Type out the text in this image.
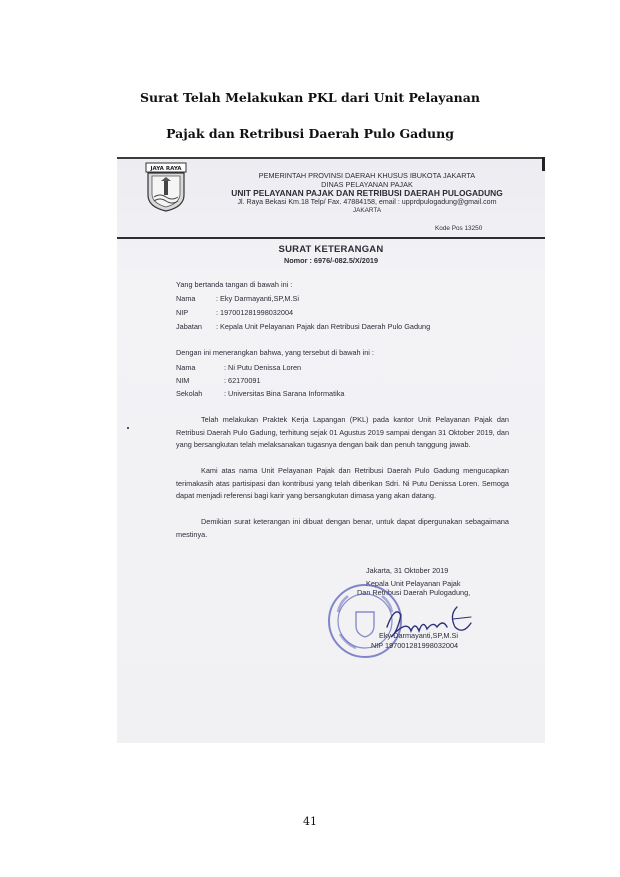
Surat Telah Melakukan PKL dari Unit Pelayanan
Pajak dan Retribusi Daerah Pulo Gadung
JAYA RAYA
PEMERINTAH PROVINSI DAERAH KHUSUS IBUKOTA JAKARTA
DINAS PELAYANAN PAJAK
UNIT PELAYANAN PAJAK DAN RETRIBUSI DAERAH PULOGADUNG
Jl. Raya Bekasi Km.18 Telp/ Fax. 47884158, email : upprdpulogadung@gmail.com
JAKARTA
Kode Pos 13250
SURAT KETERANGAN
Nomor : 6976/-082.5/X/2019
Yang bertanda tangan di bawah ini :
Nama	: Eky Darmayanti,SP,M.Si
NIP	: 197001281998032004
Jabatan : Kepala Unit Pelayanan Pajak dan Retribusi Daerah Pulo Gadung
Dengan ini menerangkan bahwa, yang tersebut di bawah ini :
Nama	: Ni Putu Denissa Loren
NIM	: 62170091
Sekolah	: Universitas Bina Sarana Informatika
Telah melakukan Praktek Kerja Lapangan (PKL) pada kantor Unit Pelayanan Pajak dan Retribusi Daerah Pulo Gadung, terhitung sejak 01 Agustus 2019 sampai dengan 31 Oktober 2019, dan yang bersangkutan telah melaksanakan tugasnya dengan baik dan penuh tanggung jawab.
Kami atas nama Unit Pelayanan Pajak dan Retribusi Daerah Pulo Gadung mengucapkan terimakasih atas partisipasi dan kontribusi yang telah diberikan Sdri. Ni Putu Denissa Loren. Semoga dapat menjadi referensi bagi karir yang bersangkutan dimasa yang akan datang.
Demikian surat keterangan ini dibuat dengan benar, untuk dapat dipergunakan sebagaimana mestinya.
Jakarta, 31 Oktober 2019
Kepala Unit Pelayanan Pajak
Dan Retribusi Daerah Pulogadung,
Eky Darmayanti,SP,M.Si
NIP 197001281998032004
41
